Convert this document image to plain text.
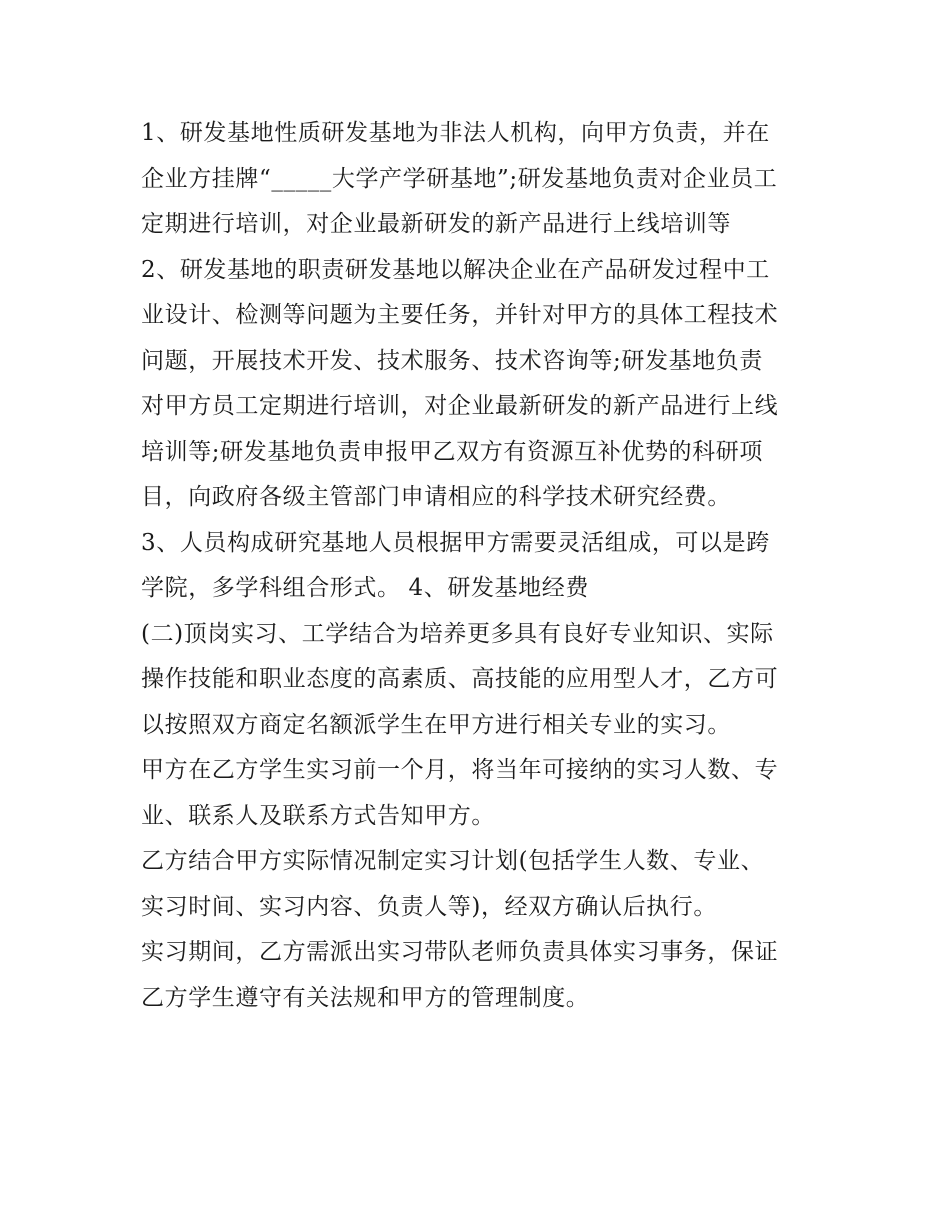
1、研发基地性质研发基地为非法人机构，向甲方负责，并在
企业方挂牌“_____大学产学研基地”;研发基地负责对企业员工
定期进行培训，对企业最新研发的新产品进行上线培训等

2、研发基地的职责研发基地以解决企业在产品研发过程中工
业设计、检测等问题为主要任务，并针对甲方的具体工程技术
问题，开展技术开发、技术服务、技术咨询等;研发基地负责
对甲方员工定期进行培训，对企业最新研发的新产品进行上线
培训等;研发基地负责申报甲乙双方有资源互补优势的科研项
目，向政府各级主管部门申请相应的科学技术研究经费。

3、人员构成研究基地人员根据甲方需要灵活组成，可以是跨
学院，多学科组合形式。 4、研发基地经费

(二)顶岗实习、工学结合为培养更多具有良好专业知识、实际
操作技能和职业态度的高素质、高技能的应用型人才，乙方可
以按照双方商定名额派学生在甲方进行相关专业的实习。

甲方在乙方学生实习前一个月，将当年可接纳的实习人数、专
业、联系人及联系方式告知甲方。

乙方结合甲方实际情况制定实习计划(包括学生人数、专业、
实习时间、实习内容、负责人等)，经双方确认后执行。

实习期间，乙方需派出实习带队老师负责具体实习事务，保证
乙方学生遵守有关法规和甲方的管理制度。
